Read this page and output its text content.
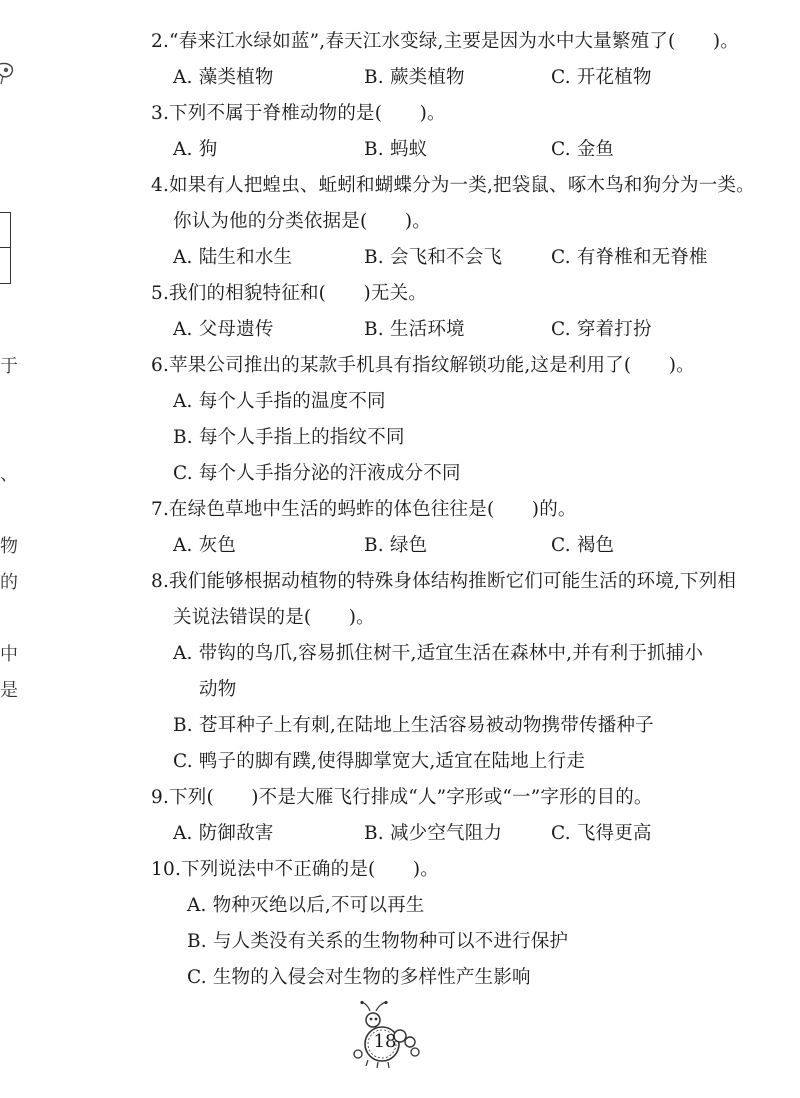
于
、
物
的
中
是
2.“春来江水绿如蓝”,春天江水变绿,主要是因为水中大量繁殖了(　　)。
A. 藻类植物	B. 蕨类植物	C. 开花植物
3.下列不属于脊椎动物的是(　　)。
A. 狗	B. 蚂蚁	C. 金鱼
4.如果有人把蝗虫、蚯蚓和蝴蝶分为一类,把袋鼠、啄木鸟和狗分为一类。
你认为他的分类依据是(　　)。
A. 陆生和水生	B. 会飞和不会飞	C. 有脊椎和无脊椎
5.我们的相貌特征和(　　)无关。
A. 父母遗传	B. 生活环境	C. 穿着打扮
6.苹果公司推出的某款手机具有指纹解锁功能,这是利用了(　　)。
A. 每个人手指的温度不同
B. 每个人手指上的指纹不同
C. 每个人手指分泌的汗液成分不同
7.在绿色草地中生活的蚂蚱的体色往往是(　　)的。
A. 灰色	B. 绿色	C. 褐色
8.我们能够根据动植物的特殊身体结构推断它们可能生活的环境,下列相
关说法错误的是(　　)。
A. 带钩的鸟爪,容易抓住树干,适宜生活在森林中,并有利于抓捕小
动物
B. 苍耳种子上有刺,在陆地上生活容易被动物携带传播种子
C. 鸭子的脚有蹼,使得脚掌宽大,适宜在陆地上行走
9.下列(　　)不是大雁飞行排成“人”字形或“一”字形的目的。
A. 防御敌害	B. 减少空气阻力	C. 飞得更高
10.下列说法中不正确的是(　　)。
A. 物种灭绝以后,不可以再生
B. 与人类没有关系的生物物种可以不进行保护
C. 生物的入侵会对生物的多样性产生影响
18
